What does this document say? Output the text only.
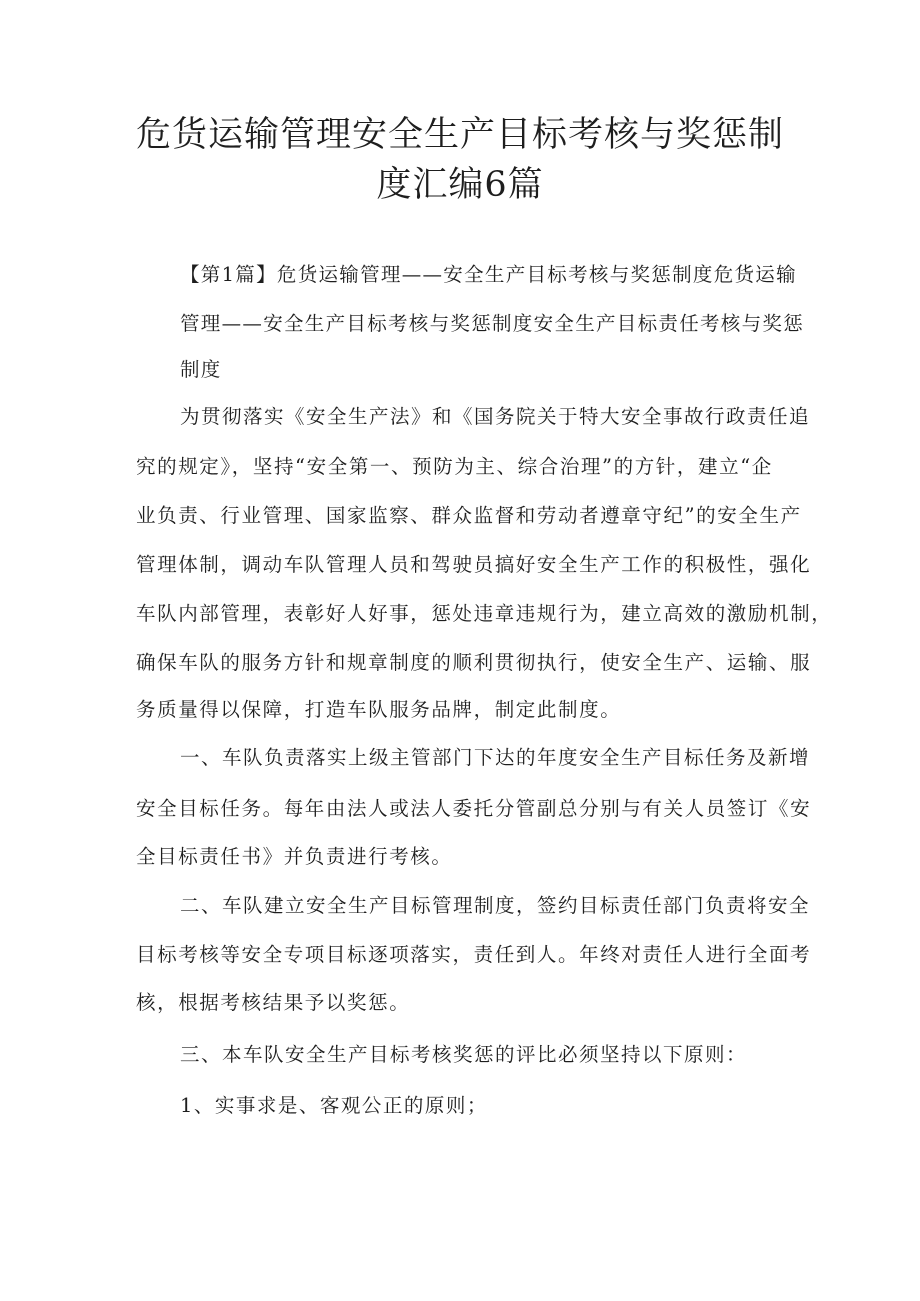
危货运输管理安全生产目标考核与奖惩制
度汇编6篇

【第1篇】危货运输管理——安全生产目标考核与奖惩制度危货运输

管理——安全生产目标考核与奖惩制度安全生产目标责任考核与奖惩

制度

为贯彻落实《安全生产法》和《国务院关于特大安全事故行政责任追

究的规定》，坚持“安全第一、预防为主、综合治理”的方针，建立“企

业负责、行业管理、国家监察、群众监督和劳动者遵章守纪”的安全生产

管理体制，调动车队管理人员和驾驶员搞好安全生产工作的积极性，强化

车队内部管理，表彰好人好事，惩处违章违规行为，建立高效的激励机制，

确保车队的服务方针和规章制度的顺利贯彻执行，使安全生产、运输、服

务质量得以保障，打造车队服务品牌，制定此制度。

一、车队负责落实上级主管部门下达的年度安全生产目标任务及新增

安全目标任务。每年由法人或法人委托分管副总分别与有关人员签订《安

全目标责任书》并负责进行考核。

二、车队建立安全生产目标管理制度，签约目标责任部门负责将安全

目标考核等安全专项目标逐项落实，责任到人。年终对责任人进行全面考

核，根据考核结果予以奖惩。

三、本车队安全生产目标考核奖惩的评比必须坚持以下原则：

1、实事求是、客观公正的原则；
